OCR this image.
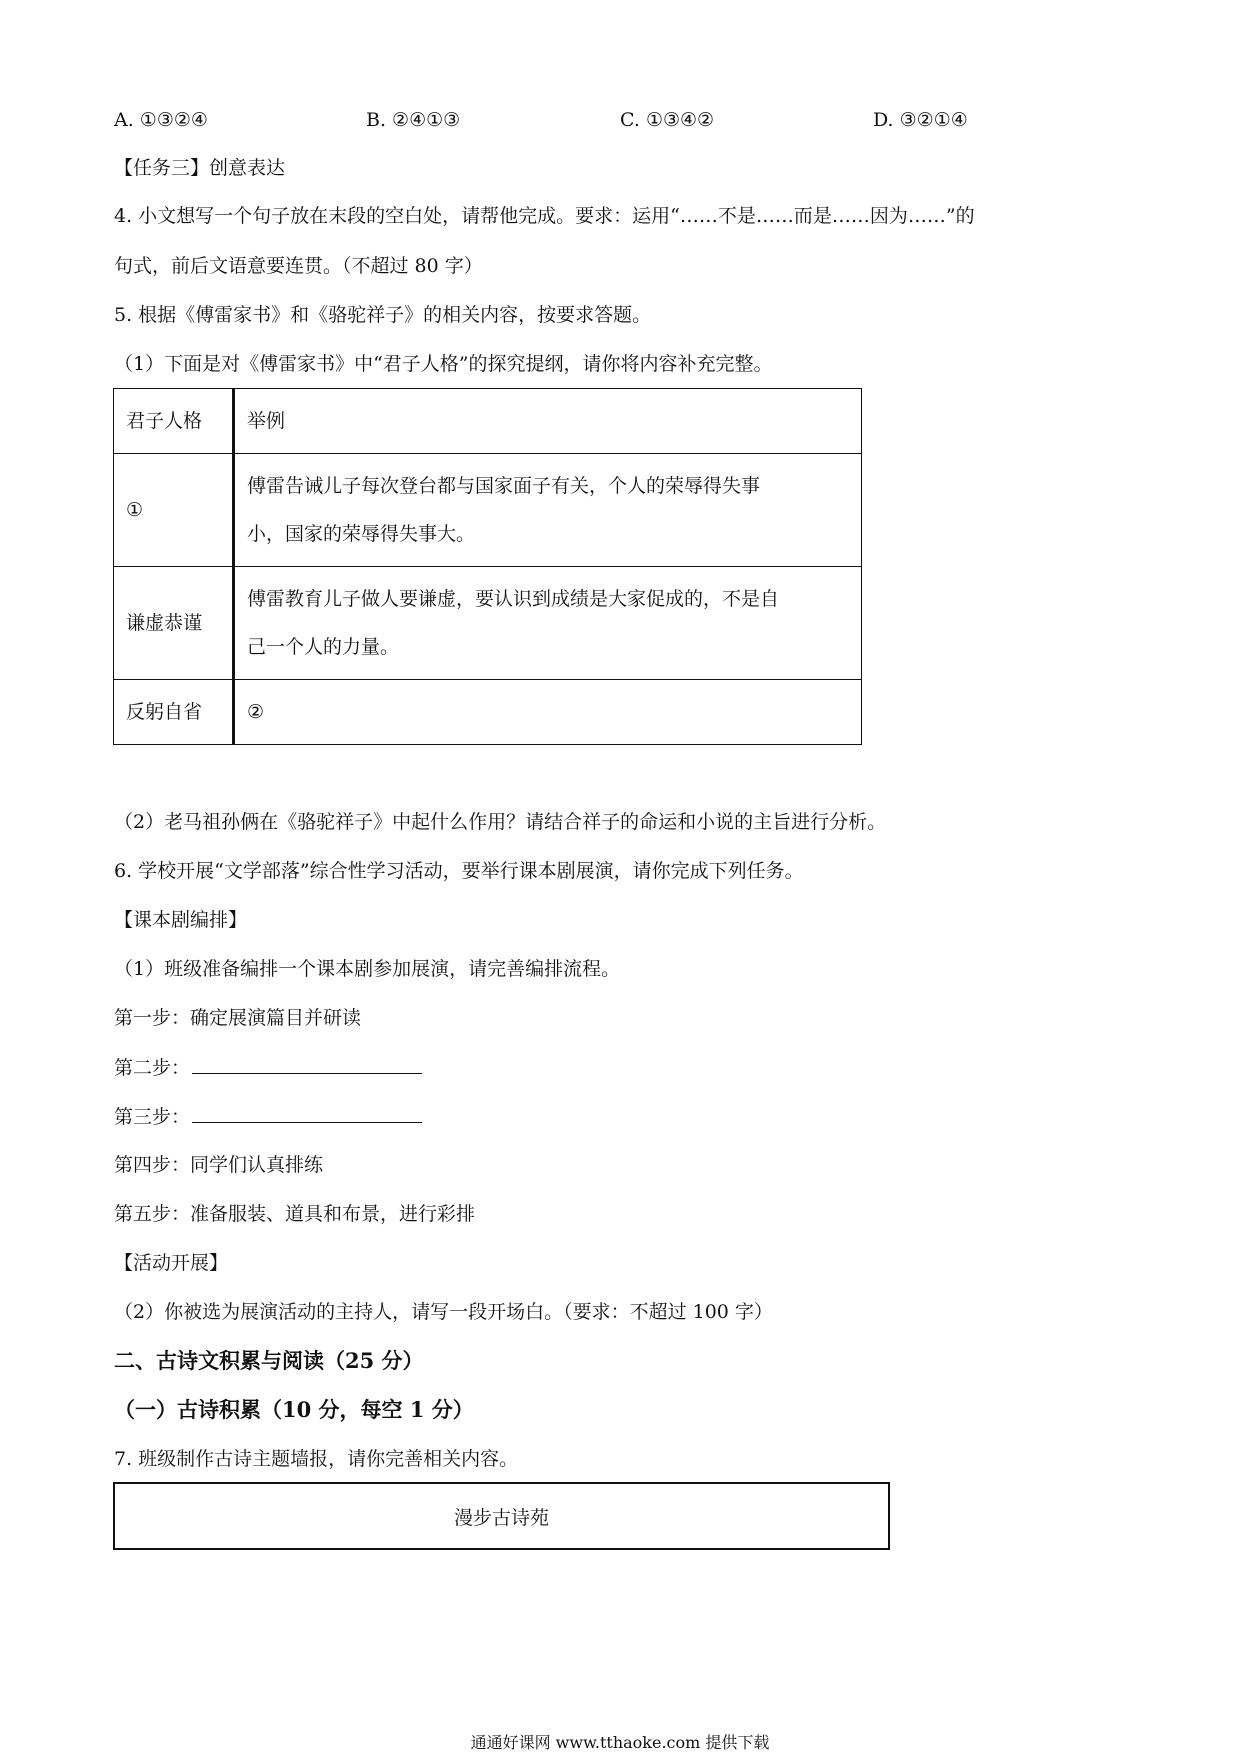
A. ①③②④	B. ②④①③	C. ①③④②	D. ③②①④
【任务三】创意表达
4. 小文想写一个句子放在末段的空白处，请帮他完成。要求：运用“……不是……而是……因为……”的
句式，前后文语意要连贯。（不超过 80 字）
5. 根据《傅雷家书》和《骆驼祥子》的相关内容，按要求答题。
（1）下面是对《傅雷家书》中“君子人格”的探究提纲，请你将内容补充完整。
君子人格	举例
①	傅雷告诫儿子每次登台都与国家面子有关，个人的荣辱得失事
小，国家的荣辱得失事大。

谦虚恭谨	傅雷教育儿子做人要谦虚，要认识到成绩是大家促成的，不是自
己一个人的力量。

反躬自省	②
（2）老马祖孙俩在《骆驼祥子》中起什么作用？请结合祥子的命运和小说的主旨进行分析。
6. 学校开展“文学部落”综合性学习活动，要举行课本剧展演，请你完成下列任务。
【课本剧编排】
（1）班级准备编排一个课本剧参加展演，请完善编排流程。
第一步：确定展演篇目并研读
第二步：
第三步：
第四步：同学们认真排练
第五步：准备服装、道具和布景，进行彩排
【活动开展】
（2）你被选为展演活动的主持人，请写一段开场白。（要求：不超过 100 字）
二、古诗文积累与阅读（25 分）
（一）古诗积累（10 分，每空 1 分）
7. 班级制作古诗主题墙报，请你完善相关内容。
漫步古诗苑
通通好课网 www.tthaoke.com 提供下载
